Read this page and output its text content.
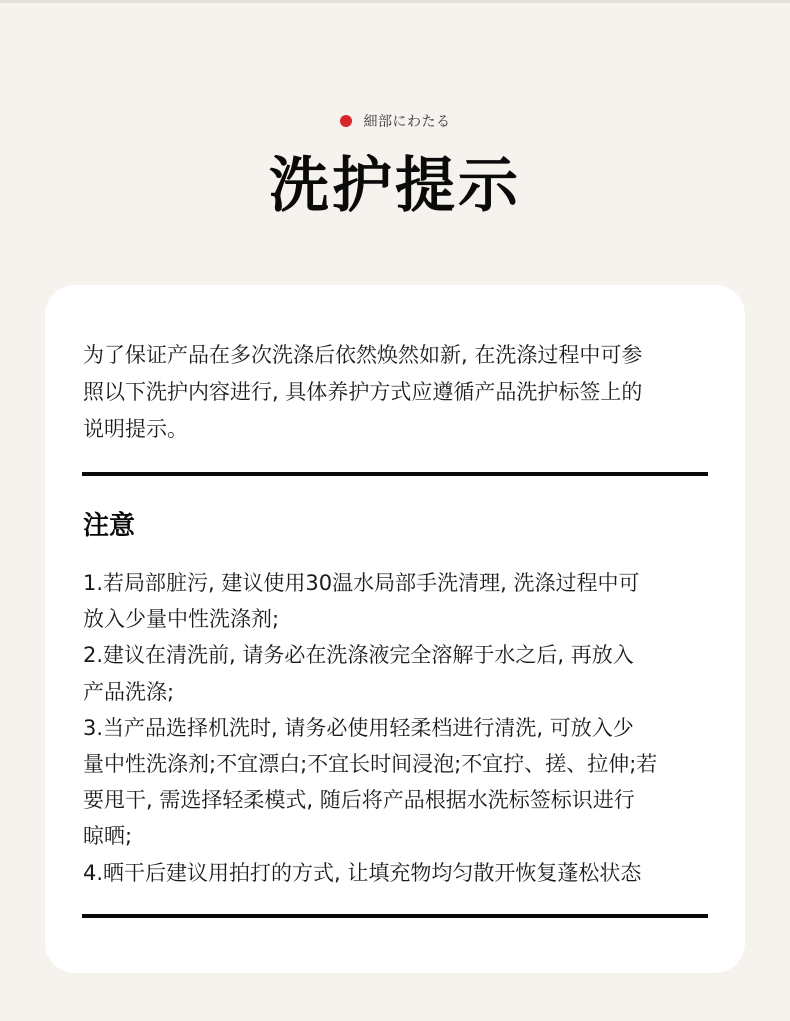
細部にわたる
洗护提示
为了保证产品在多次洗涤后依然焕然如新, 在洗涤过程中可参
照以下洗护内容进行, 具体养护方式应遵循产品洗护标签上的
说明提示。
注意
1.若局部脏污, 建议使用30温水局部手洗清理, 洗涤过程中可
放入少量中性洗涤剂;
2.建议在清洗前, 请务必在洗涤液完全溶解于水之后, 再放入
产品洗涤;
3.当产品选择机洗时, 请务必使用轻柔档进行清洗, 可放入少
量中性洗涤剂;不宜漂白;不宜长时间浸泡;不宜拧、搓、拉伸;若
要甩干, 需选择轻柔模式, 随后将产品根据水洗标签标识进行
晾晒;
4.晒干后建议用拍打的方式, 让填充物均匀散开恢复蓬松状态
